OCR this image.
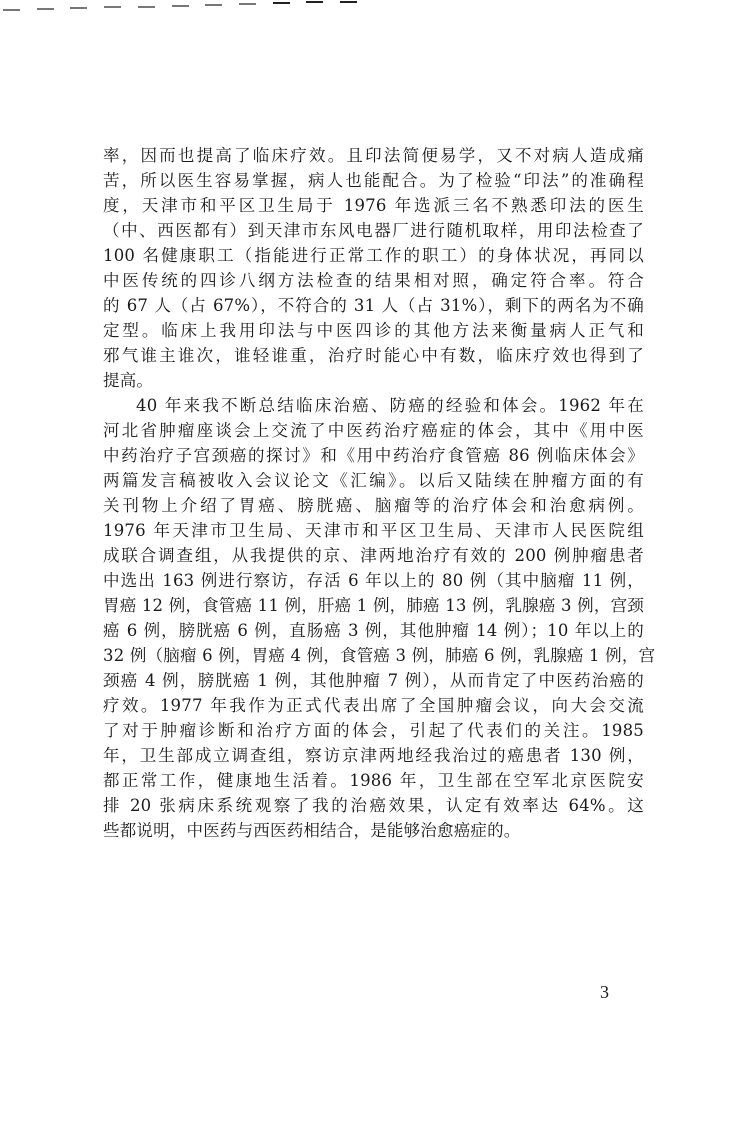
率，因而也提高了临床疗效。且印法简便易学，又不对病人造成痛
苦，所以医生容易掌握，病人也能配合。为了检验“印法”的准确程
度，天津市和平区卫生局于 1976 年选派三名不熟悉印法的医生
（中、西医都有）到天津市东风电器厂进行随机取样，用印法检查了
100 名健康职工（指能进行正常工作的职工）的身体状况，再同以
中医传统的四诊八纲方法检查的结果相对照，确定符合率。符合
的 67 人（占 67%），不符合的 31 人（占 31%），剩下的两名为不确
定型。临床上我用印法与中医四诊的其他方法来衡量病人正气和
邪气谁主谁次，谁轻谁重，治疗时能心中有数，临床疗效也得到了
提高。
40 年来我不断总结临床治癌、防癌的经验和体会。1962 年在
河北省肿瘤座谈会上交流了中医药治疗癌症的体会，其中《用中医
中药治疗子宫颈癌的探讨》和《用中药治疗食管癌 86 例临床体会》
两篇发言稿被收入会议论文《汇编》。以后又陆续在肿瘤方面的有
关刊物上介绍了胃癌、膀胱癌、脑瘤等的治疗体会和治愈病例。
1976 年天津市卫生局、天津市和平区卫生局、天津市人民医院组
成联合调查组，从我提供的京、津两地治疗有效的 200 例肿瘤患者
中选出 163 例进行察访，存活 6 年以上的 80 例（其中脑瘤 11 例，
胃癌 12 例，食管癌 11 例，肝癌 1 例，肺癌 13 例，乳腺癌 3 例，宫颈
癌 6 例，膀胱癌 6 例，直肠癌 3 例，其他肿瘤 14 例）；10 年以上的
32 例（脑瘤 6 例，胃癌 4 例，食管癌 3 例，肺癌 6 例，乳腺癌 1 例，宫
颈癌 4 例，膀胱癌 1 例，其他肿瘤 7 例），从而肯定了中医药治癌的
疗效。1977 年我作为正式代表出席了全国肿瘤会议，向大会交流
了对于肿瘤诊断和治疗方面的体会，引起了代表们的关注。1985
年，卫生部成立调查组，察访京津两地经我治过的癌患者 130 例，
都正常工作，健康地生活着。1986 年，卫生部在空军北京医院安
排 20 张病床系统观察了我的治癌效果，认定有效率达 64%。这
些都说明，中医药与西医药相结合，是能够治愈癌症的。
3
